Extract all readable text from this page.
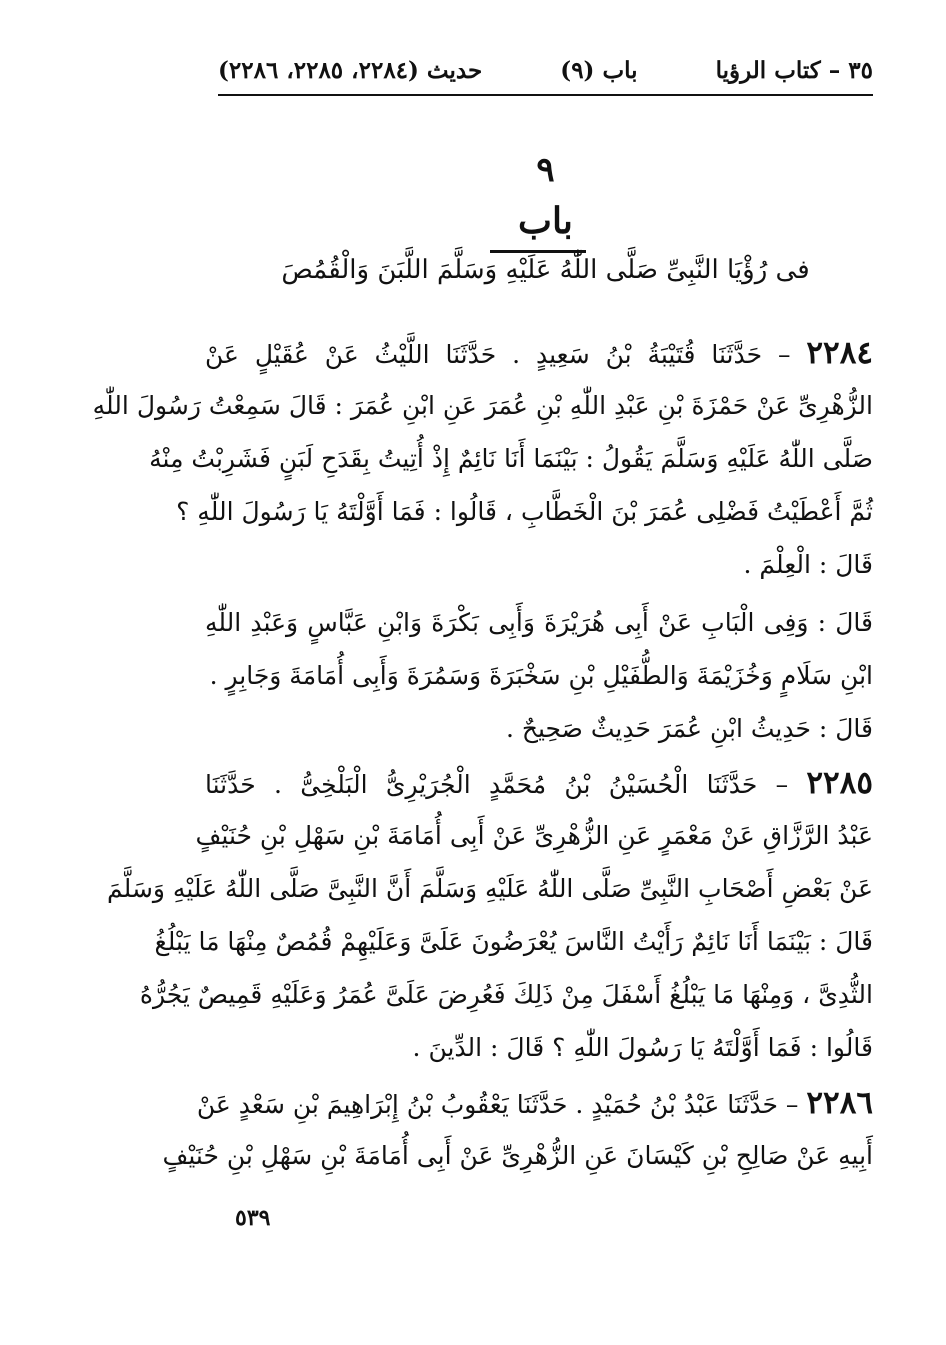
(٢٢٨٤، ٢٢٨٥، ٢٢٨٦) حديث	(٩) باب	٣٥ – كتاب الرؤيا
٩
باب
فى رُؤْيَا النَّبِىِّ صَلَّى اللّٰهُ عَلَيْهِ وَسَلَّمَ اللَّبَنَ وَالْقُمُصَ
٢٢٨٤ – حَدَّثَنَا قُتَيْبَةُ بْنُ سَعِيدٍ . حَدَّثَنَا اللَّيْثُ عَنْ عُقَيْلٍ عَنْ
الزُّهْرِىِّ عَنْ حَمْزَةَ بْنِ عَبْدِ اللّٰهِ بْنِ عُمَرَ عَنِ ابْنِ عُمَرَ : قَالَ سَمِعْتُ رَسُولَ اللّٰهِ
صَلَّى اللّٰهُ عَلَيْهِ وَسَلَّمَ يَقُولُ : بَيْنَمَا أَنَا نَائِمٌ إِذْ أُتِيتُ بِقَدَحِ لَبَنٍ فَشَرِبْتُ مِنْهُ
ثُمَّ أَعْطَيْتُ فَضْلِى عُمَرَ بْنَ الْخَطَّابِ ، قَالُوا : فَمَا أَوَّلْتَهُ يَا رَسُولَ اللّٰهِ ؟
قَالَ : الْعِلْمَ .
قَالَ : وَفِى الْبَابِ عَنْ أَبِى هُرَيْرَةَ وَأَبِى بَكْرَةَ وَابْنِ عَبَّاسٍ وَعَبْدِ اللّٰهِ
ابْنِ سَلَامٍ وَخُزَيْمَةَ وَالطُّفَيْلِ بْنِ سَخْبَرَةَ وَسَمُرَةَ وَأَبِى أُمَامَةَ وَجَابِرٍ .
قَالَ : حَدِيثُ ابْنِ عُمَرَ حَدِيثٌ صَحِيحٌ .
٢٢٨٥ – حَدَّثَنَا الْحُسَيْنُ بْنُ مُحَمَّدٍ الْجُرَيْرِىُّ الْبَلْخِىُّ . حَدَّثَنَا
عَبْدُ الرَّزَّاقِ عَنْ مَعْمَرٍ عَنِ الزُّهْرِىِّ عَنْ أَبِى أُمَامَةَ بْنِ سَهْلِ بْنِ حُنَيْفٍ
عَنْ بَعْضِ أَصْحَابِ النَّبِىِّ صَلَّى اللّٰهُ عَلَيْهِ وَسَلَّمَ أَنَّ النَّبِىَّ صَلَّى اللّٰهُ عَلَيْهِ وَسَلَّمَ
قَالَ : بَيْنَمَا أَنَا نَائِمٌ رَأَيْتُ النَّاسَ يُعْرَضُونَ عَلَىَّ وَعَلَيْهِمْ قُمُصٌ مِنْهَا مَا يَبْلُغُ
الثُّدِىَّ ، وَمِنْهَا مَا يَبْلُغُ أَسْفَلَ مِنْ ذَلِكَ فَعُرِضَ عَلَىَّ عُمَرُ وَعَلَيْهِ قَمِيصٌ يَجُرُّهُ
قَالُوا : فَمَا أَوَّلْتَهُ يَا رَسُولَ اللّٰهِ ؟ قَالَ : الدِّينَ .
٢٢٨٦ – حَدَّثَنَا عَبْدُ بْنُ حُمَيْدٍ . حَدَّثَنَا يَعْقُوبُ بْنُ إِبْرَاهِيمَ بْنِ سَعْدٍ عَنْ
أَبِيهِ عَنْ صَالِحِ بْنِ كَيْسَانَ عَنِ الزُّهْرِىِّ عَنْ أَبِى أُمَامَةَ بْنِ سَهْلِ بْنِ حُنَيْفٍ
٥٣٩
